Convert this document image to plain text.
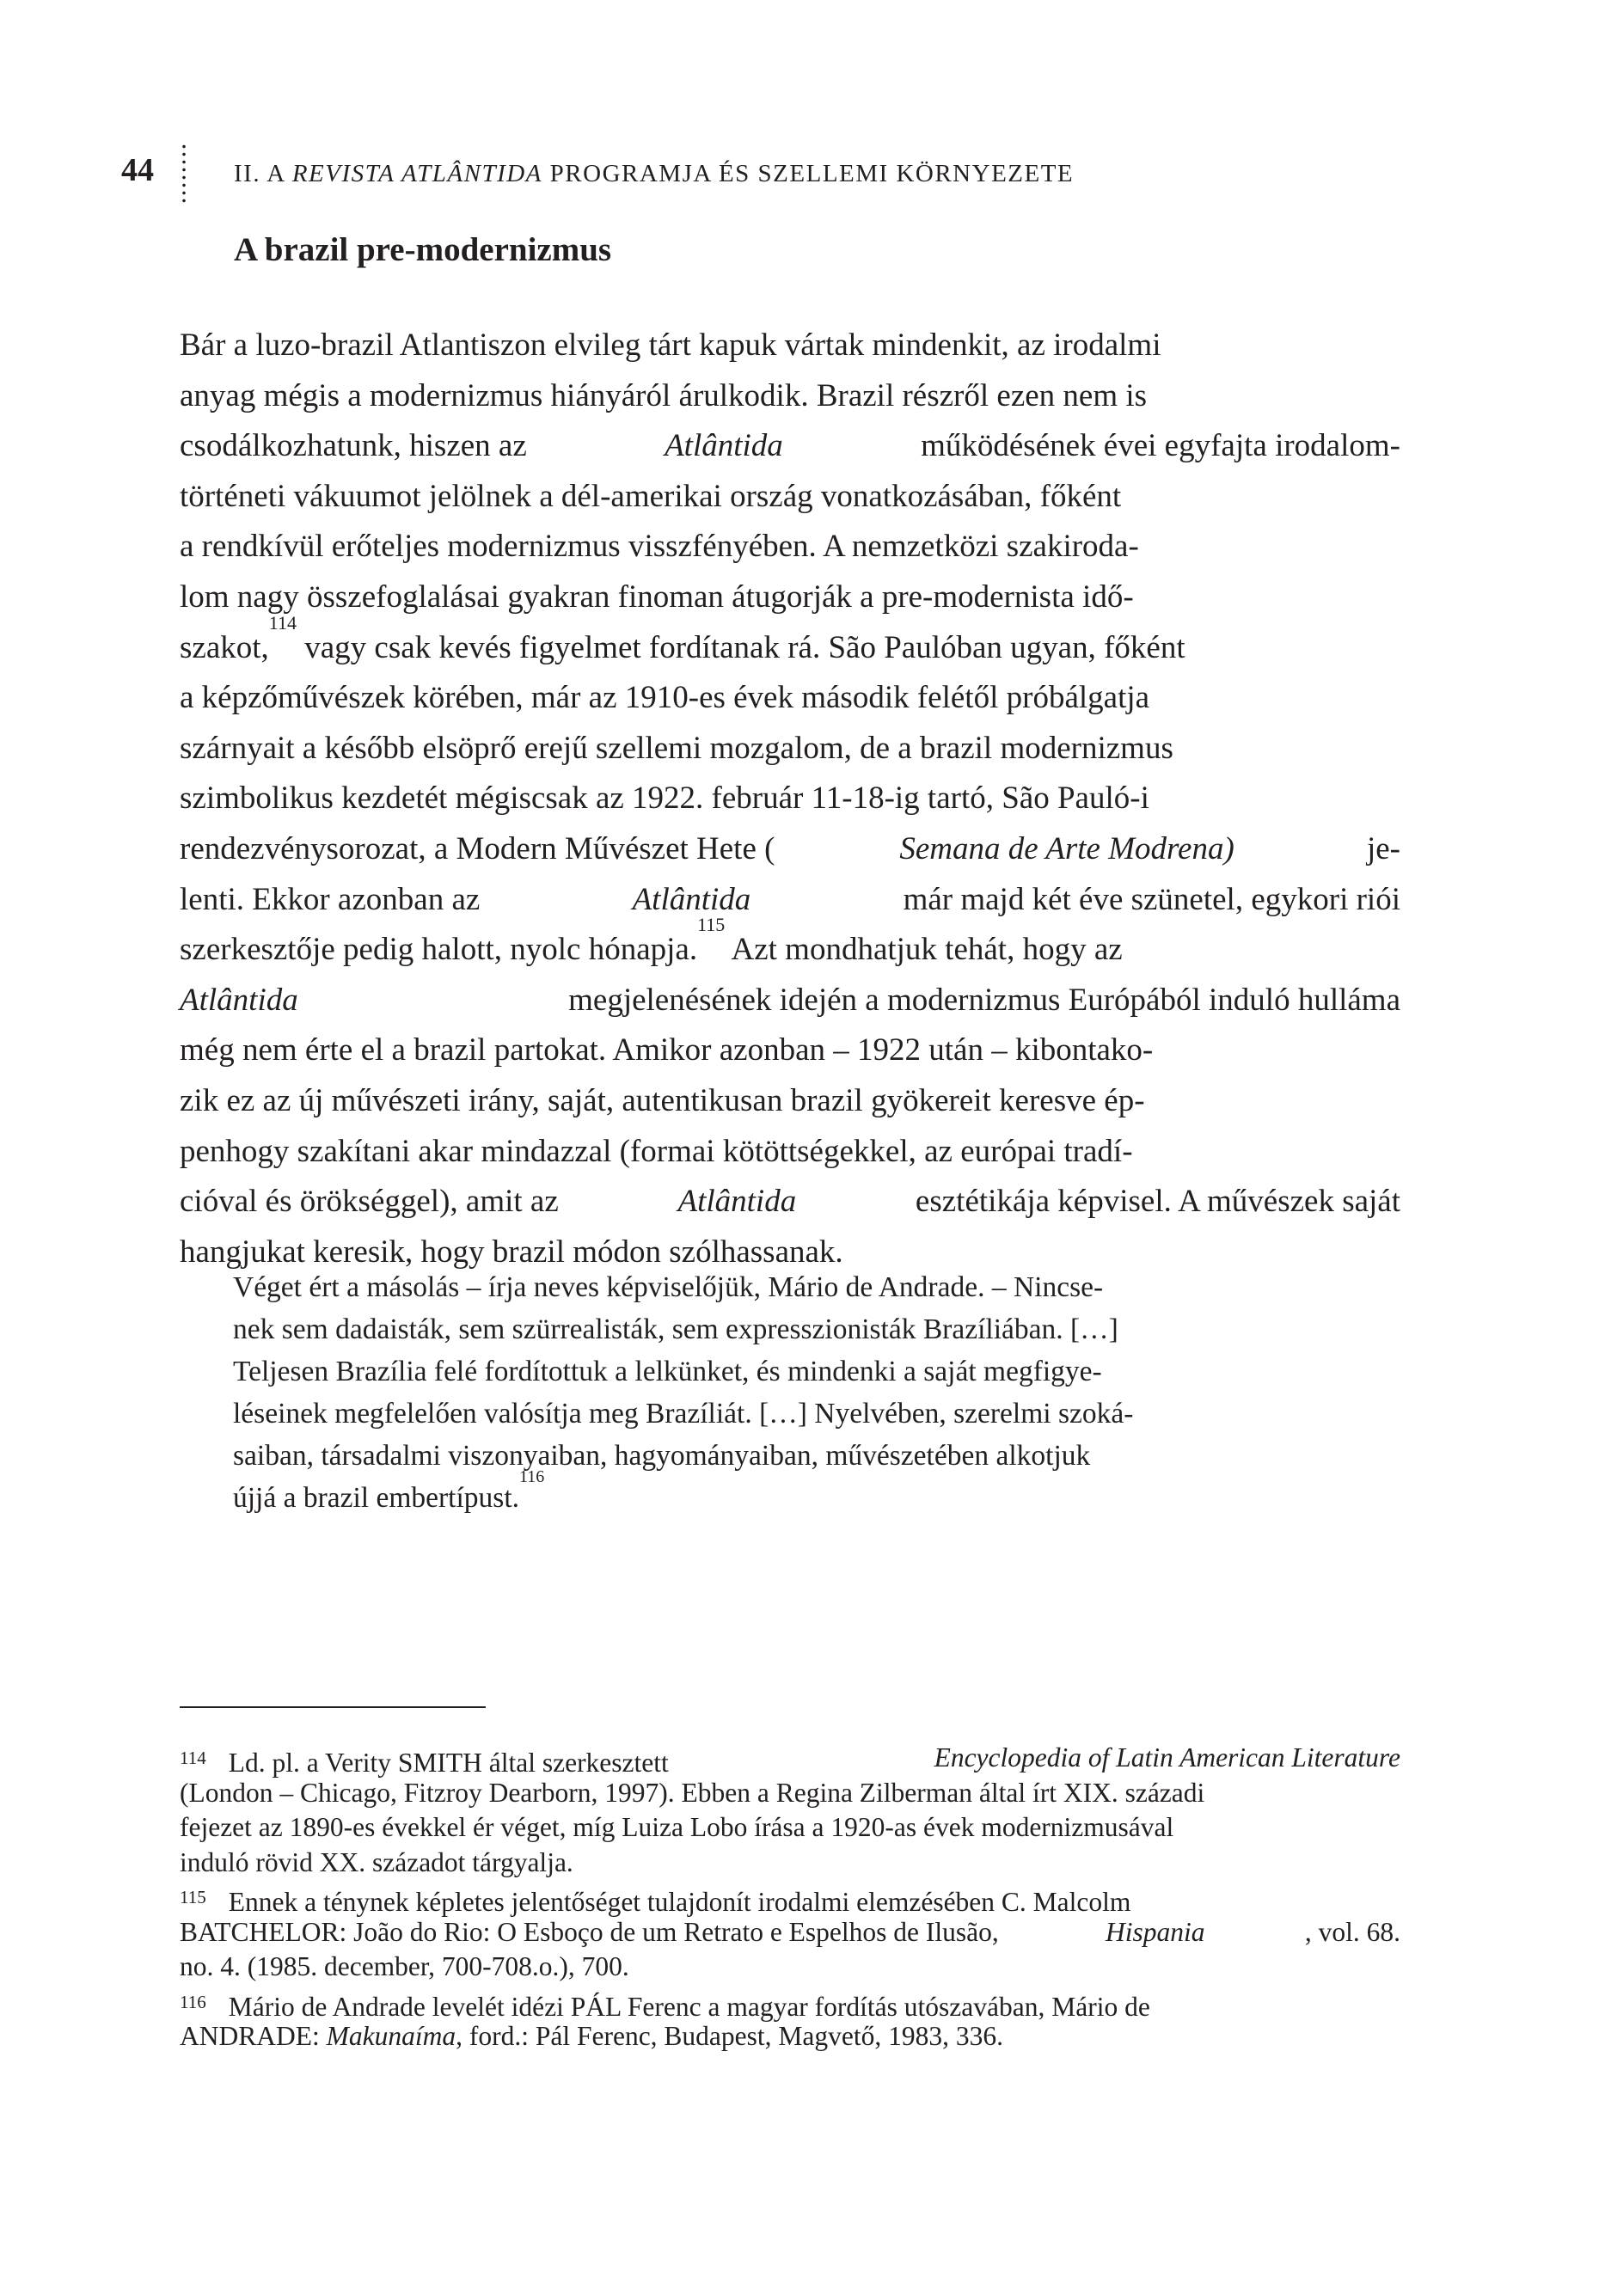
44	II. A REVISTA ATLÂNTIDA PROGRAMJA ÉS SZELLEMI KÖRNYEZETE
A brazil pre-modernizmus
Bár a luzo-brazil Atlantiszon elvileg tárt kapuk vártak mindenkit, az irodalmi
anyag mégis a modernizmus hiányáról árulkodik. Brazil részről ezen nem is
csodálkozhatunk, hiszen az	Atlântida	működésének évei egyfajta irodalom-
történeti vákuumot jelölnek a dél-amerikai ország vonatkozásában, főként
a rendkívül erőteljes modernizmus visszfényében. A nemzetközi szakiroda-
lom nagy összefoglalásai gyakran finoman átugorják a pre-modernista idő-
szakot,
114
vagy csak kevés figyelmet fordítanak rá. São Paulóban ugyan, főként
a képzőművészek körében, már az 1910-es évek második felétől próbálgatja
szárnyait a később elsöprő erejű szellemi mozgalom, de a brazil modernizmus
szimbolikus kezdetét mégiscsak az 1922. február 11-18-ig tartó, São Pauló-i
rendezvénysorozat, a Modern Művészet Hete (	Semana de Arte Modrena)	je-
lenti. Ekkor azonban az	Atlântida	már majd két éve szünetel, egykori riói
szerkesztője pedig halott, nyolc hónapja.
115
Azt mondhatjuk tehát, hogy az
Atlântida	megjelenésének idején a modernizmus Európából induló hulláma
még nem érte el a brazil partokat. Amikor azonban – 1922 után – kibontako-
zik ez az új művészeti irány, saját, autentikusan brazil gyökereit keresve ép-
penhogy szakítani akar mindazzal (formai kötöttségekkel, az európai tradí-
cióval és örökséggel), amit az	Atlântida	esztétikája képvisel. A művészek saját
hangjukat keresik, hogy brazil módon szólhassanak.
Véget ért a másolás – írja neves képviselőjük, Mário de Andrade. – Nincse-
nek sem dadaisták, sem szürrealisták, sem expresszionisták Brazíliában. […]
Teljesen Brazília felé fordítottuk a lelkünket, és mindenki a saját megfigye-
léseinek megfelelően valósítja meg Brazíliát. […] Nyelvében, szerelmi szoká-
saiban, társadalmi viszonyaiban, hagyományaiban, művészetében alkotjuk
újjá a brazil embertípust.
116
$^{114}$ Ld. pl. a Verity SMITH által szerkesztett	Encyclopedia of Latin American Literature
(London – Chicago, Fitzroy Dearborn, 1997). Ebben a Regina Zilberman által írt XIX. századi
fejezet az 1890-es évekkel ér véget, míg Luiza Lobo írása a 1920-as évek modernizmusával
induló rövid XX. századot tárgyalja.
$^{115}$ Ennek a ténynek képletes jelentőséget tulajdonít irodalmi elemzésében C. Malcolm
BATCHELOR: João do Rio: O Esboço de um Retrato e Espelhos de Ilusão,	Hispania	, vol. 68.
no. 4. (1985. december, 700-708.o.), 700.
$^{116}$ Mário de Andrade levelét idézi PÁL Ferenc a magyar fordítás utószavában, Mário de
ANDRADE: Makunaíma , ford.: Pál Ferenc, Budapest, Magvető, 1983, 336.
